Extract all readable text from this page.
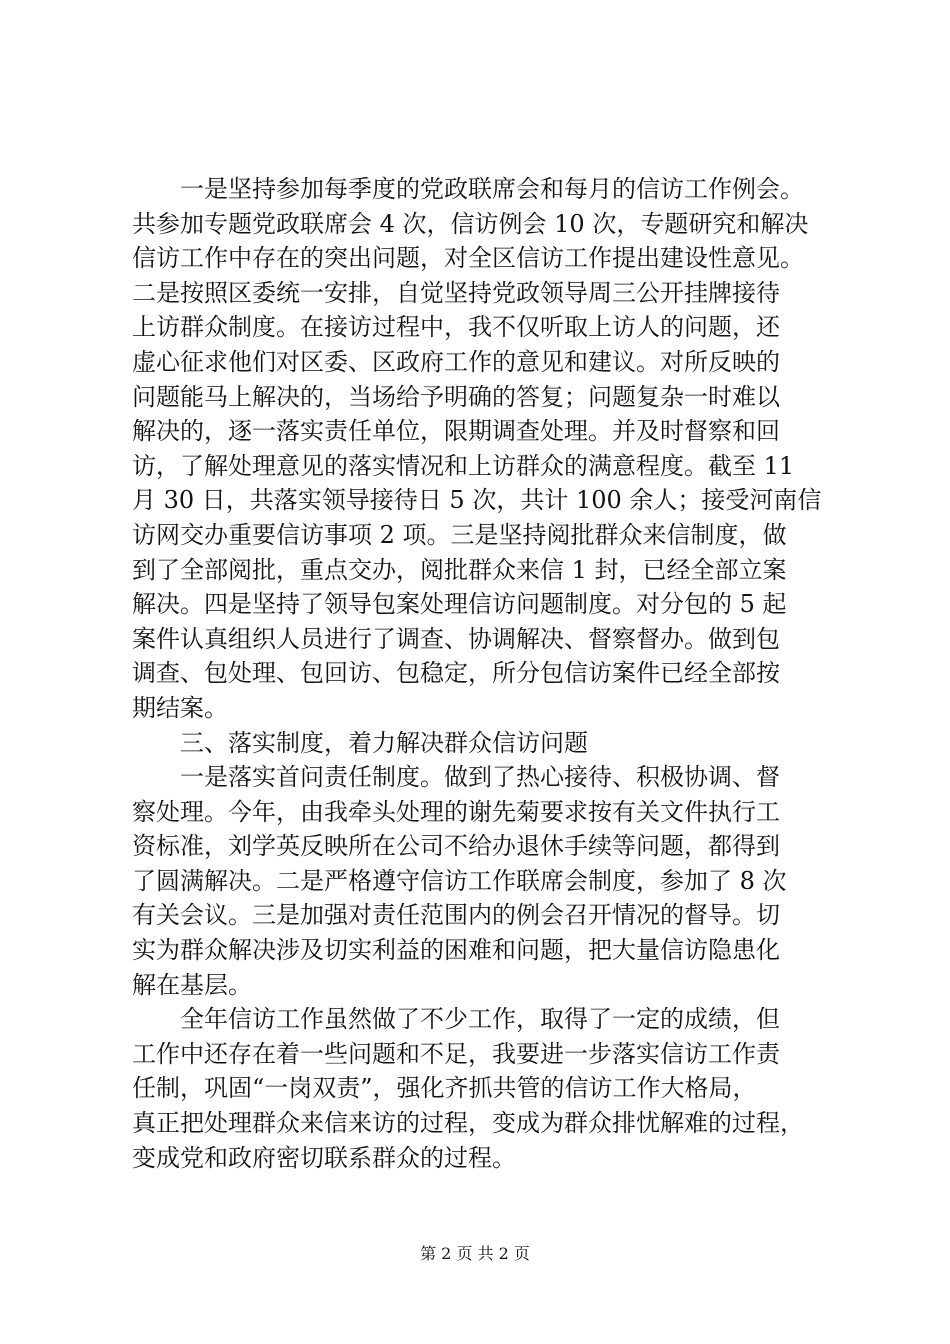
一是坚持参加每季度的党政联席会和每月的信访工作例会。
共参加专题党政联席会 4 次，信访例会 10 次，专题研究和解决
信访工作中存在的突出问题，对全区信访工作提出建设性意见。
二是按照区委统一安排，自觉坚持党政领导周三公开挂牌接待
上访群众制度。在接访过程中，我不仅听取上访人的问题，还
虚心征求他们对区委、区政府工作的意见和建议。对所反映的
问题能马上解决的，当场给予明确的答复；问题复杂一时难以
解决的，逐一落实责任单位，限期调查处理。并及时督察和回
访，了解处理意见的落实情况和上访群众的满意程度。截至 11
月 30 日，共落实领导接待日 5 次，共计 100 余人；接受河南信
访网交办重要信访事项 2 项。三是坚持阅批群众来信制度，做
到了全部阅批，重点交办，阅批群众来信 1 封，已经全部立案
解决。四是坚持了领导包案处理信访问题制度。对分包的 5 起
案件认真组织人员进行了调查、协调解决、督察督办。做到包
调查、包处理、包回访、包稳定，所分包信访案件已经全部按
期结案。
三、落实制度，着力解决群众信访问题
一是落实首问责任制度。做到了热心接待、积极协调、督
察处理。今年，由我牵头处理的谢先菊要求按有关文件执行工
资标准，刘学英反映所在公司不给办退休手续等问题，都得到
了圆满解决。二是严格遵守信访工作联席会制度，参加了 8 次
有关会议。三是加强对责任范围内的例会召开情况的督导。切
实为群众解决涉及切实利益的困难和问题，把大量信访隐患化
解在基层。
全年信访工作虽然做了不少工作，取得了一定的成绩，但
工作中还存在着一些问题和不足，我要进一步落实信访工作责
任制，巩固“一岗双责”，强化齐抓共管的信访工作大格局，
真正把处理群众来信来访的过程，变成为群众排忧解难的过程，
变成党和政府密切联系群众的过程。
第 2 页 共 2 页
